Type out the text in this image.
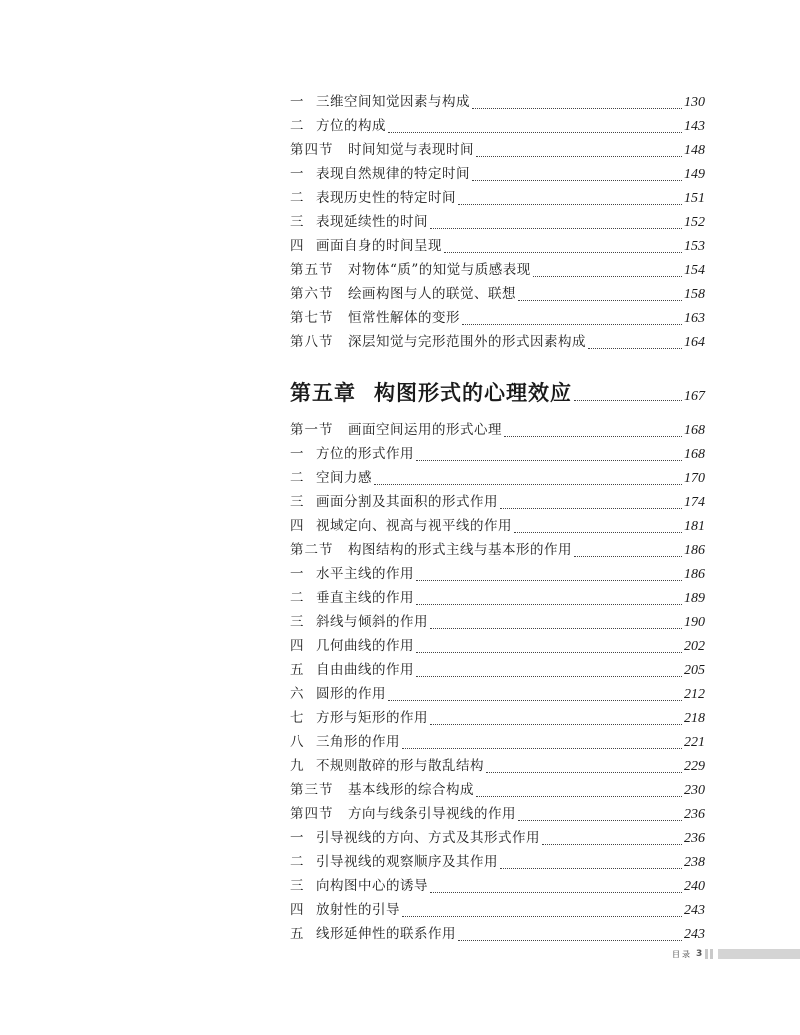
一 三维空间知觉因素与构成	130
二 方位的构成	143
第四节	时间知觉与表现时间	148
一 表现自然规律的特定时间	149
二 表现历史性的特定时间	151
三 表现延续性的时间	152
四 画面自身的时间呈现	153
第五节	对物体“质”的知觉与质感表现	154
第六节	绘画构图与人的联觉、联想	158
第七节	恒常性解体的变形	163
第八节	深层知觉与完形范围外的形式因素构成	164
第五章 构图形式的心理效应	167
第一节	画面空间运用的形式心理	168
一 方位的形式作用	168
二 空间力感	170
三 画面分割及其面积的形式作用	174
四 视域定向、视高与视平线的作用	181
第二节	构图结构的形式主线与基本形的作用	186
一 水平主线的作用	186
二 垂直主线的作用	189
三 斜线与倾斜的作用	190
四 几何曲线的作用	202
五 自由曲线的作用	205
六 圆形的作用	212
七 方形与矩形的作用	218
八 三角形的作用	221
九 不规则散碎的形与散乱结构	229
第三节	基本线形的综合构成	230
第四节	方向与线条引导视线的作用	236
一 引导视线的方向、方式及其形式作用	236
二 引导视线的观察顺序及其作用	238
三 向构图中心的诱导	240
四 放射性的引导	243
五 线形延伸性的联系作用	243
目录 3
